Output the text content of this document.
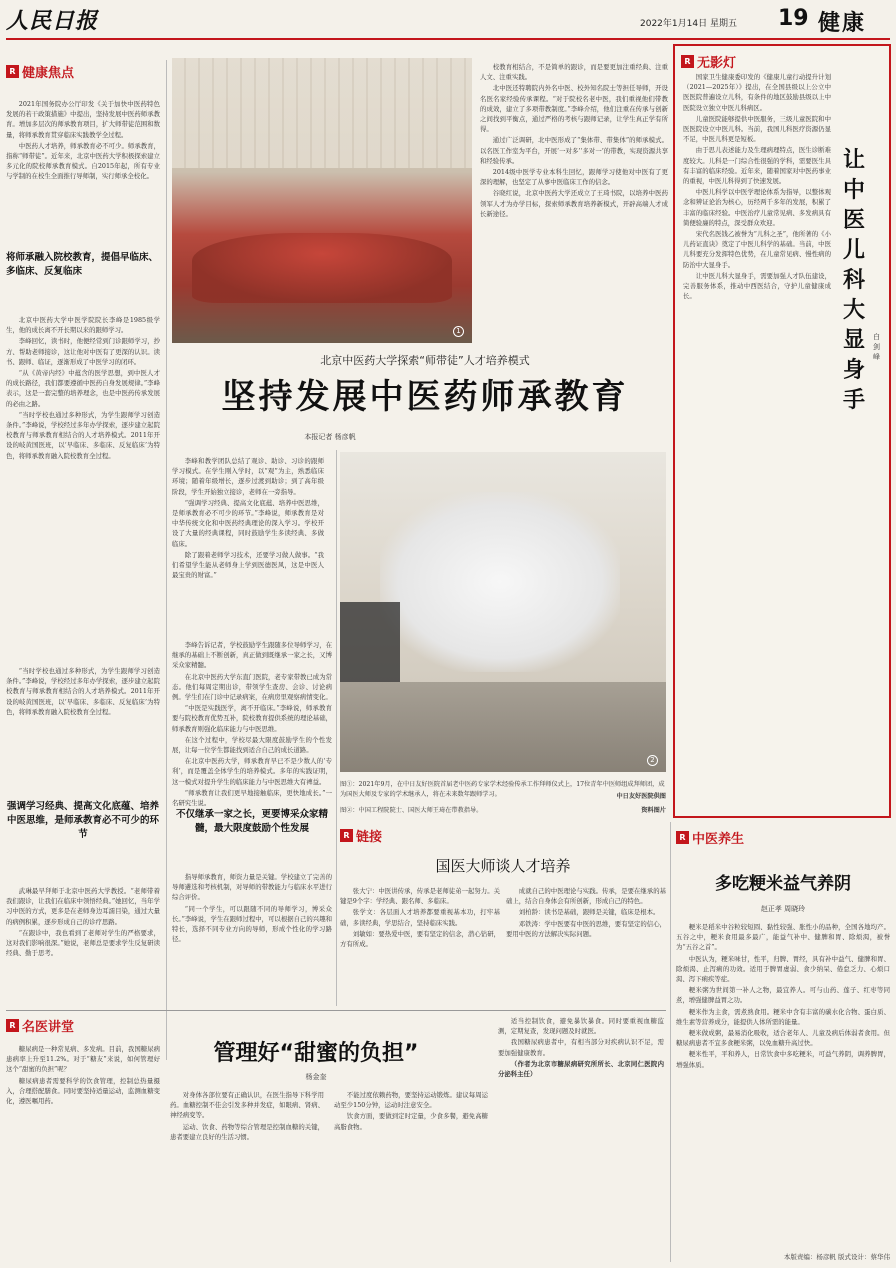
人民日报	2022年1月14日 星期五 19 健康
R 健康焦点

2021年国务院办公厅印发《关于加快中医药特色发展的若干政策措施》中提出，坚持发展中医药师承教育。增加多层次的师承教育项目，扩大师带徒范围和数量，将师承教育贯穿临床实践教学全过程。

中医药人才培养，师承教育必不可少。师承教育，指称“师带徒”。近年来，北京中医药大学积极探索建立多元化的院校师承教育模式。自2015年起，所有专业与学制的在校生全面推行导师制，实行师承全校化。

将师承融入院校教育，提倡早临床、多临床、反复临床

北京中医药大学中医学院院长李峰是1985级学生，他的成长离不开长期以来的跟师学习。

李峰回忆，读书时，他便经常到门诊跟师学习，抄方、帮助老师接诊，这让他对中医有了更深的认识。读书、跟师、临证，逐渐形成了中医学习的闭环。

“从《黄帝内经》中蕴含的医学思想，到中医人才的成长路径，我们都要遵循中医药自身发展规律。”李峰表示，这是一套完整的培养理念，也是中医药传承发展的必由之路。

“当时学校也通过多种形式，为学生跟师学习创造条件。”李峰说，学校经过多年办学探索，逐步建立起院校教育与师承教育相结合的人才培养模式。2011年开设的岐黄国医班，以‘早临床、多临床、反复临床’为特色，将师承教育融入院校教育全过程。

“当时学校也通过多种形式，为学生跟师学习创造条件。”李峰说，学校经过多年办学探索，逐步建立起院校教育与师承教育相结合的人才培养模式。2011年开设的岐黄国医班，以‘早临床、多临床、反复临床’为特色，将师承教育融入院校教育全过程。

强调学习经典、提高文化底蕴、培养中医思维，是师承教育必不可少的环节

武琳最早拜师于北京中医药大学教授。“老师带着我们跟诊，让我们在临床中领悟经典。”她回忆，当年学习中医的方式，更多是在老师身边耳濡目染，通过大量的病例积累，逐步形成自己的诊疗思路。

“在跟诊中，我也看到了老师对学生的严格要求，这对我们影响很深。”她说，老师总是要求学生反复研读经典、勤于思考。

1

校教育相结合，不是简单的跟诊，而是要更加注重经典、注重人文、注重实践。

北中医还特聘院内外名中医、校外知名院士等担任导师，开设名医名家经验传承课程。“对于院校名老中医，我们重视他们带教的成效，建立了多项带教制度。”李峰介绍，他们注重在传承与创新之间找到平衡点，通过严格的考核与跟师记录，让学生真正学有所得。

通过广泛调研，北中医形成了“集体带、带集体”的师承模式。以名医工作室为平台，开展‘一对多’‘多对一’的带教，实现资源共享和经验传承。

2014级中医学专业本科生回忆，跟师学习使他对中医有了更深的理解，也坚定了从事中医临床工作的信念。

谷晓红说，北京中医药大学还成立了王琦书院，以培养中医药领军人才为办学目标，探索师承教育培养新模式，开辟高端人才成长新途径。

北京中医药大学探索“师带徒”人才培养模式
坚持发展中医药师承教育
本报记者 杨彦帆

李峰和教学团队总结了观诊、助诊、习诊的跟师学习模式。在学生刚入学时，以“观”为主，熟悉临床环境；随着年级增长，逐步过渡到助诊；到了高年级阶段，学生开始独立接诊，老师在一旁指导。

“强调学习经典、提高文化底蕴、培养中医思维，是师承教育必不可少的环节。”李峰说，师承教育是对中华传统文化和中医药经典理论的深入学习。学校开设了大量的经典课程，同时鼓励学生多读经典、多做临床。

除了跟着老师学习技术，还要学习做人做事。“我们希望学生能从老师身上学到医德医风，这是中医人最宝贵的财富。”

2
图①：2021年9月，在中日友好医院首届老中医药专家学术经验传承工作拜师仪式上，17位青年中医师组成拜师团，成为国医大师及专家的学术继承人，将在未来数年跟师学习。	中日友好医院供图
图②：中国工程院院士、国医大师王琦在带教指导。	资料图片
不仅继承一家之长，更要博采众家精髓，最大限度鼓励个性发展

指导师承教育，师资力量是关键。学校建立了完善的导师遴选和考核机制，对导师的带教能力与临床水平进行综合评价。

“同一个学生，可以跟随不同的导师学习，博采众长。”李峰说，学生在跟师过程中，可以根据自己的兴趣和特长，选择不同专业方向的导师，形成个性化的学习路径。

R 链接
国医大师谈人才培养

张大宁：中医讲传承，传承是老师徒弟一起努力。关键是9个字：学经典、跟名师、多临床。

张学文：各层面人才培养都要重视基本功，打牢基础，多读经典，学思结合，坚持临床实践。

刘敏如：要热爱中医，要有坚定的信念，潜心钻研，方有所成。

成就自己的中医理论与实践。传承，是要在继承的基础上，结合自身体会有所创新，形成自己的特色。

刘柏龄：读书是基础，跟师是关键，临床是根本。

邓铁涛：学中医要有中医的思维，要有坚定的信心，要用中医的方法解决实际问题。

R 无影灯

国家卫生健康委印发的《健康儿童行动提升计划（2021—2025年）》提出，在全国县级以上公立中医医院普遍设立儿科，有条件的地区鼓励县级以上中医院设立独立中医儿科病区。

儿童医院能够提供中医服务，三级儿童医院和中医医院设立中医儿科。当前，我国儿科医疗资源仍显不足，中医儿科更是短板。

由于思儿表述能力及生理病理特点，医生诊断难度较大。儿科是一门综合性很强的学科，需要医生具有丰富的临床经验。近年来，随着国家对中医药事业的重视，中医儿科得到了快速发展。

中医儿科学以中医学理论体系为指导，以整体观念和辨证论治为核心，历经两千多年的发展，积累了丰富的临床经验。中医治疗儿童常见病、多发病具有简便验廉的特点，深受群众欢迎。

宋代名医钱乙被誉为“儿科之圣”，他所著的《小儿药证直诀》奠定了中医儿科学的基础。当前，中医儿科要充分发挥特色优势，在儿童常见病、慢性病的防治中大显身手。

让中医儿科大显身手，需要加强人才队伍建设，完善服务体系，推动中西医结合，守护儿童健康成长。

让中医儿科大显身手
白剑峰
R 中医养生
多吃粳米益气养阴
赵正孝 周晓玲

粳米是稻米中谷粒较短圆、黏性较强、胀性小的品种，全国各地均产。五谷之中，粳米食用最多最广，能益气补中、健脾和胃、除烦渴，被誉为“五谷之首”。

中医认为，粳米味甘，性平，归脾、胃经，具有补中益气、健脾和胃、除烦渴、止泻痢的功效。适用于脾胃虚弱、食少纳呆、倦怠乏力、心烦口渴、泻下痢疾等症。

粳米粥为世间第一补人之物，最宜养人。可与山药、莲子、红枣等同煮，增强健脾益胃之功。

粳米作为主食，需煮熟食用。粳米中含有丰富的碳水化合物、蛋白质、维生素等营养成分，能提供人体所需的能量。

粳米做成粥，最易消化吸收，适合老年人、儿童及病后体弱者食用。但糖尿病患者不宜多食粳米粥，以免血糖升高过快。

粳米性平，平和养人，日常饮食中多吃粳米，可益气养阴，调养脾胃，增强体质。

本版责编：杨彦帆 版式设计：蔡华伟
R 名医讲堂
管理好“甜蜜的负担”
杨金奎

糖尿病是一种常见病、多发病。目前，我国糖尿病患病率上升至11.2%。对于“糖友”来说，如何管理好这个“甜蜜的负担”呢？

糖尿病患者需要科学的饮食管理，控制总热量摄入，合理搭配膳食。同时要坚持适量运动，监测血糖变化，遵医嘱用药。

对身体各部位要有正确认识，在医生指导下科学用药。血糖控制不佳会引发多种并发症，如眼病、肾病、神经病变等。

运动、饮食、药物等综合管理是控制血糖的关键，患者要建立良好的生活习惯。

不能过度依赖药物，要坚持运动锻炼。建议每周运动至少150分钟，运动时注意安全。

饮食方面，要做到定时定量，少食多餐，避免高糖高脂食物。

适当控制饮食，避免暴饮暴食。同时要重视血糖监测，定期复查，发现问题及时就医。

我国糖尿病患者中，有相当部分对疾病认识不足，需要加强健康教育。

（作者为北京市糖尿病研究所所长、北京同仁医院内分泌科主任）

李峰告诉记者，学校鼓励学生跟随多位导师学习，在继承的基础上不断创新，真正做到既继承一家之长，又博采众家精髓。

在北京中医药大学东直门医院，老专家带教已成为常态。他们每周定期出诊，带领学生查房、会诊、讨论病例。学生们在门诊中记录病案，在病房里观察病情变化。

“中医是实践医学，离不开临床。”李峰说，师承教育要与院校教育优势互补，院校教育提供系统的理论基础，师承教育则强化临床能力与中医思维。

在这个过程中，学校尽最大限度鼓励学生的个性发展，让每一位学生都能找到适合自己的成长道路。

在北京中医药大学，师承教育早已不是少数人的‘专利’，而是覆盖全体学生的培养模式。多年的实践证明，这一模式对提升学生的临床能力与中医思维大有裨益。

“师承教育让我们更早地接触临床，更快地成长。”一名研究生说。
